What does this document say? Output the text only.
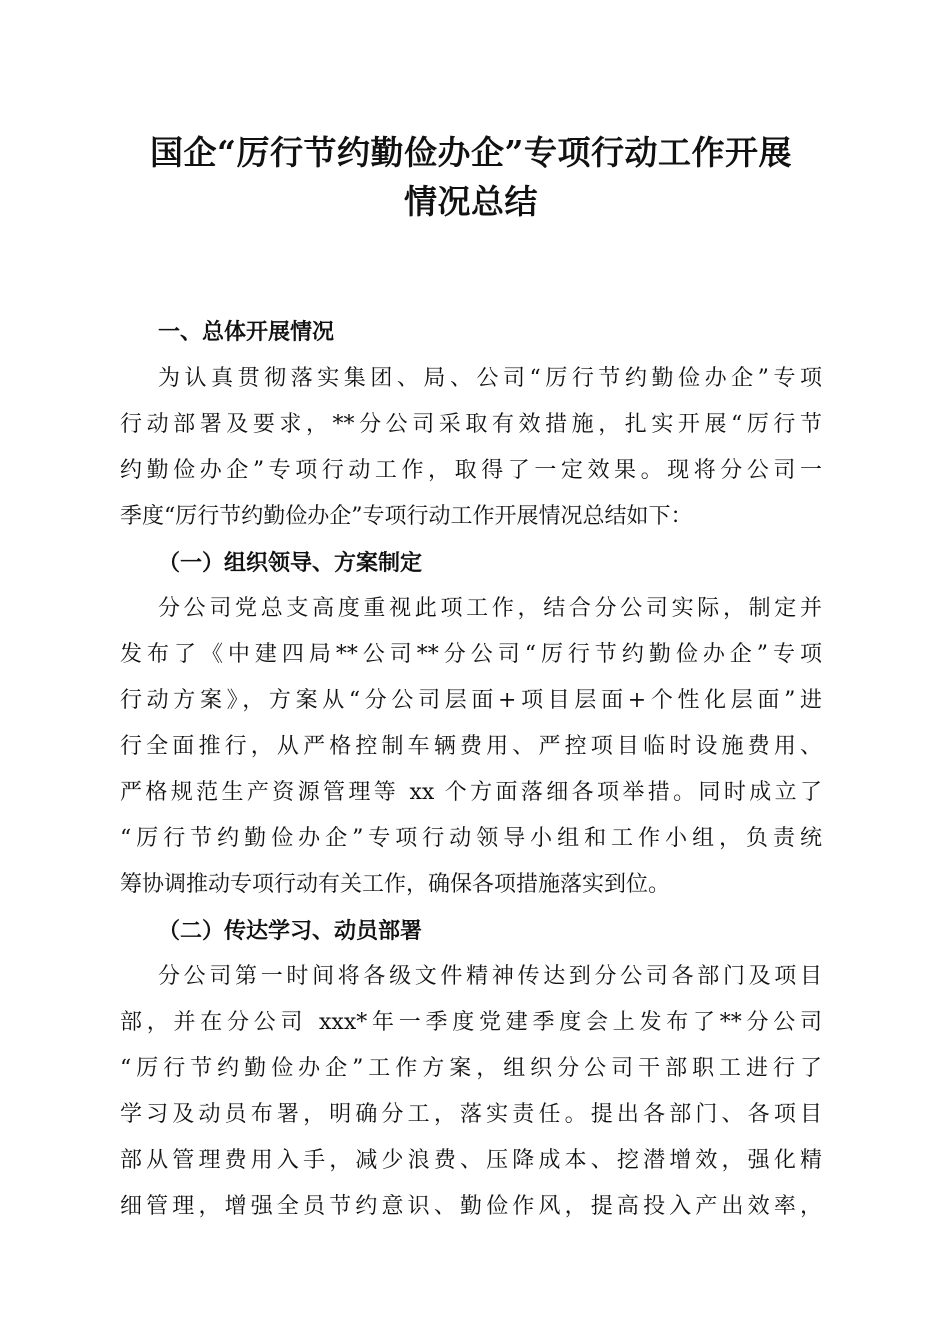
国企“厉行节约勤俭办企”专项行动工作开展
情况总结
一、总体开展情况
为认真贯彻落实集团、局、公司“厉行节约勤俭办企”专项
行动部署及要求，**分公司采取有效措施，扎实开展“厉行节
约勤俭办企”专项行动工作，取得了一定效果。现将分公司一
季度“厉行节约勤俭办企”专项行动工作开展情况总结如下：
（一）组织领导、方案制定
分公司党总支高度重视此项工作，结合分公司实际，制定并
发布了《中建四局**公司**分公司“厉行节约勤俭办企”专项
行动方案》，方案从“分公司层面+项目层面+个性化层面”进
行全面推行，从严格控制车辆费用、严控项目临时设施费用、
严格规范生产资源管理等 xx 个方面落细各项举措。同时成立了
“厉行节约勤俭办企”专项行动领导小组和工作小组，负责统
筹协调推动专项行动有关工作，确保各项措施落实到位。
（二）传达学习、动员部署
分公司第一时间将各级文件精神传达到分公司各部门及项目
部，并在分公司 xxx*年一季度党建季度会上发布了**分公司
“厉行节约勤俭办企”工作方案，组织分公司干部职工进行了
学习及动员布署，明确分工，落实责任。提出各部门、各项目
部从管理费用入手，减少浪费、压降成本、挖潜增效，强化精
细管理，增强全员节约意识、勤俭作风，提高投入产出效率，
